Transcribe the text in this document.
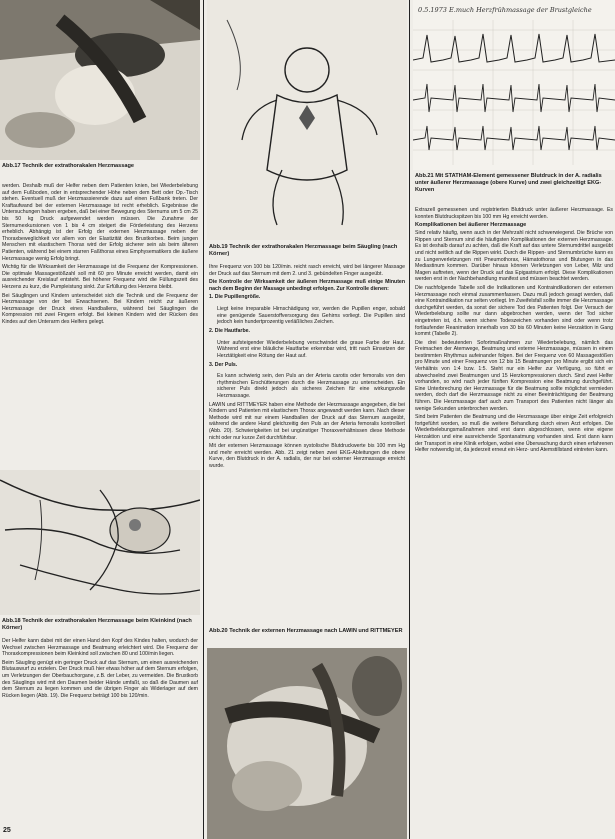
Abb.17 Technik der extrathorakalen Herzmassage

werden. Deshalb muß der Helfer neben dem Patienten knien, bei Wiederbelebung auf dem Fußboden, oder in entsprechender Höhe neben dem Bett oder Op.-Tisch stehen. Eventuell muß der Herzmassierende dazu auf einen Fußbank treten. Der Kraftaufwand bei der externen Herzmassage ist recht erheblich. Ergebnisse die Untersuchungen haben ergeben, daß bei einer Bewegung des Sternums um 5 cm 25 bis 50 kg Druck aufgewendet werden müssen. Die Zunahme der Sternumexkursionen von 1 bis 4 cm steigert die Förderleistung des Herzens erheblich. Abhängig ist der Erfolg der externen Herzmassage neben der Thoraxbeweglichkeit vor allem von der Elastizität des Brustkorbes. Beim jungen Menschen mit elastischem Thorax wird der Erfolg sicherer sein als beim älteren Patienten, während bei einem starren Faßthorax eines Emphysematikers die äußere Herzmassage wenig Erfolg bringt.

Wichtig für die Wirksamkeit der Herzmassage ist die Frequenz der Kompressionen. Die optimale Massagestößzahl soll mit 60 pro Minute erreicht werden, damit ein ausreichender Kreislauf entsteht. Bei höherer Frequenz wird die Füllungszeit des Herzens zu kurz, die Pumpleistung sinkt. Zur Erfüllung des Herzens bleibt.

Bei Säuglingen und Kindern unterscheidet sich die Technik und die Frequenz der Herzmassage von der bei Erwachsenen. Bei Kindern reicht zur äußeren Herzmassage der Druck eines Handballens, während bei Säuglingen die Kompression mit zwei Fingern erfolgt. Bei kleinen Kindern wird der Rücken des Kindes auf den Unterarm des Helfers gelegt.

Abb.18 Technik der extrathorakalen Herzmassage beim Kleinkind (nach Körner)

Der Helfer kann dabei mit der einen Hand den Kopf des Kindes halten, wodurch der Wechsel zwischen Herzmassage und Beatmung erleichtert wird. Die Frequenz der Thoraxkompressionen beim Kleinkind soll zwischen 80 und 100/min liegen.

Beim Säugling genügt ein geringer Druck auf das Sternum, um einen ausreichenden Blutauswurf zu erzielen. Der Druck muß hier etwas höher auf dem Sternum erfolgen, um Verletzungen der Oberbauchorgane, z.B. der Leber, zu vermeiden. Die Brustkorb des Säuglings wird mit den Daumen beider Hände umfaßt, so daß die Daumen auf dem Sternum zu liegen kommen und die übrigen Finger als Widerlager auf dem Rücken liegen (Abb. 19). Die Frequenz beträgt 100 bis 120/min.

25

Abb.19 Technik der extrathorakalen Herzmassage beim Säugling (nach Körner)

Ihre Frequenz von 100 bis 120/min. reicht rasch erreicht, wird bei längerer Massage der Druck auf das Sternum mit dem 2. und 3. gebündelten Finger ausgeübt.

Die Kontrolle der Wirksamkeit der äußeren Herzmassage muß einige Minuten nach dem Beginn der Massage unbedingt erfolgen. Zur Kontrolle dienen:

1. Die Pupillengröße.

Liegt keine irreparable Hirnschädigung vor, werden die Pupillen enger, sobald eine genügende Sauerstoffversorgung des Gehirns vorliegt. Die Pupillen sind jedoch kein hundertprozentig verläßliches Zeichen.

2. Die Hautfarbe.

Unter aufsteigender Wiederbelebung verschwindet die graue Farbe der Haut. Während erst eine bläuliche Hautfarbe erkennbar wird, tritt nach Einsetzen der Herztätigkeit eine Rötung der Haut auf.

3. Der Puls.

Es kann schwierig sein, den Puls an der Arteria carotis oder femoralis von den rhythmischen Erschütterungen durch die Herzmassage zu unterscheiden. Ein sicherer Puls direkt jedoch als sicheres Zeichen für eine wirkungsvolle Herzmassage.

LAWIN und RITTMEYER haben eine Methode der Herzmassage angegeben, die bei Kindern und Patienten mit elastischem Thorax angewandt werden kann. Nach dieser Methode wird mit nur einem Handballen der Druck auf das Sternum ausgeübt, während die andere Hand gleichzeitig den Puls an der Arteria femoralis kontrolliert (Abb. 20). Schwierigkeiten ist bei ungünstiger Thoraxverhältnissen diese Methode nicht oder nur kurze Zeit durchführbar.

Mit der externen Herzmassage können systolische Blutdruckwerte bis 100 mm Hg und mehr erreicht werden. Abb. 21 zeigt neben zwei EKG-Ableitungen die obere Kurve, den Blutdruck in der A. radialis, der nur bei externer Herzmassage erreicht wurde.

Abb.20 Technik der externen Herzmassage nach LAWIN und RITTMEYER

0.5.1973 E.much Herzfrühmassage der Brustgleiche

Abb.21 Mit STATHAM-Element gemessener Blutdruck in der A. radialis unter äußerer Herzmassage (obere Kurve) und zwei gleichzeitigt EKG-Kurven

Extrazell gemessenen und registrierten Blutdruck unter äußerer Herzmassage. Es konnten Blutdruckspitzen bis 100 mm Hg erreicht werden.

Komplikationen bei äußerer Herzmassage

Sind relativ häufig, wenn auch in der Mehrzahl nicht schwerwiegend. Die Brüche von Rippen und Sternum sind die häufigsten Komplikationen der externen Herzmassage. Es ist deshalb darauf zu achten, daß die Kraft auf das untere Sternumdrittel ausgeübt und nicht seitlich auf die Rippen wirkt. Durch die Rippen- und Sternumbrüche kann es zu Lungenverletzungen mit Pneumothorax, Hämatothorax und Blutungen in das Mediastinum kommen. Darüber hinaus können Verletzungen von Leber, Milz und Magen auftreten, wenn der Druck auf das Epigastrium erfolgt. Diese Komplikationen werden erst in der Nachbehandlung manifest und müssen beachtet werden.

Die nachfolgende Tabelle soll die Indikationen und Kontraindikationen der externen Herzmassage noch einmal zusammenfassen. Dazu muß jedoch gesagt werden, daß eine Kontraindikation nur selten vorliegt. Im Zweifelsfall sollte immer die Herzmassage durchgeführt werden, da sonst der sichere Tod des Patienten folgt. Der Versuch der Wiederbelebung sollte nur dann abgebrochen werden, wenn der Tod sicher eingetreten ist, d.h. wenn sichere Todeszeichen vorhanden sind oder wenn trotz fortlaufender Reanimation innerhalb von 30 bis 60 Minuten keine Herzaktion in Gang kommt (Tabelle 2).

Die drei bedeutenden Sofortmaßnahmen zur Wiederbelebung, nämlich das Freimachen der Atemwege, Beatmung und externe Herzmassage, müssen in einem bestimmten Rhythmus aufeinander folgen. Bei der Frequenz von 60 Massagestößen pro Minute und einer Frequenz von 12 bis 15 Beatmungen pro Minute ergibt sich ein Verhältnis von 1:4 bzw. 1:5. Steht nur ein Helfer zur Verfügung, so führt er abwechselnd zwei Beatmungen und 15 Herzkompressionen durch. Sind zwei Helfer vorhanden, so wird nach jeder fünften Kompression eine Beatmung durchgeführt. Eine Unterbrechung der Herzmassage für die Beatmung sollte möglichst vermieden werden, doch darf die Herzmassage nicht zu einer Beeinträchtigung der Beatmung führen. Die Herzmassage darf auch zum Transport des Patienten nicht länger als wenige Sekunden unterbrochen werden.

Sind beim Patienten die Beatmung und die Herzmassage über einige Zeit erfolgreich fortgeführt worden, so muß die weitere Behandlung durch einen Arzt erfolgen. Die Wiederbelebungsmaßnahmen sind erst dann abgeschlossen, wenn eine eigene Herzaktion und eine ausreichende Spontanatmung vorhanden sind. Erst dann kann der Transport in eine Klinik erfolgen, wobei eine Überwachung durch einen erfahrenen Helfer notwendig ist, da jederzeit erneut ein Herz- und Atemstillstand eintreten kann.
